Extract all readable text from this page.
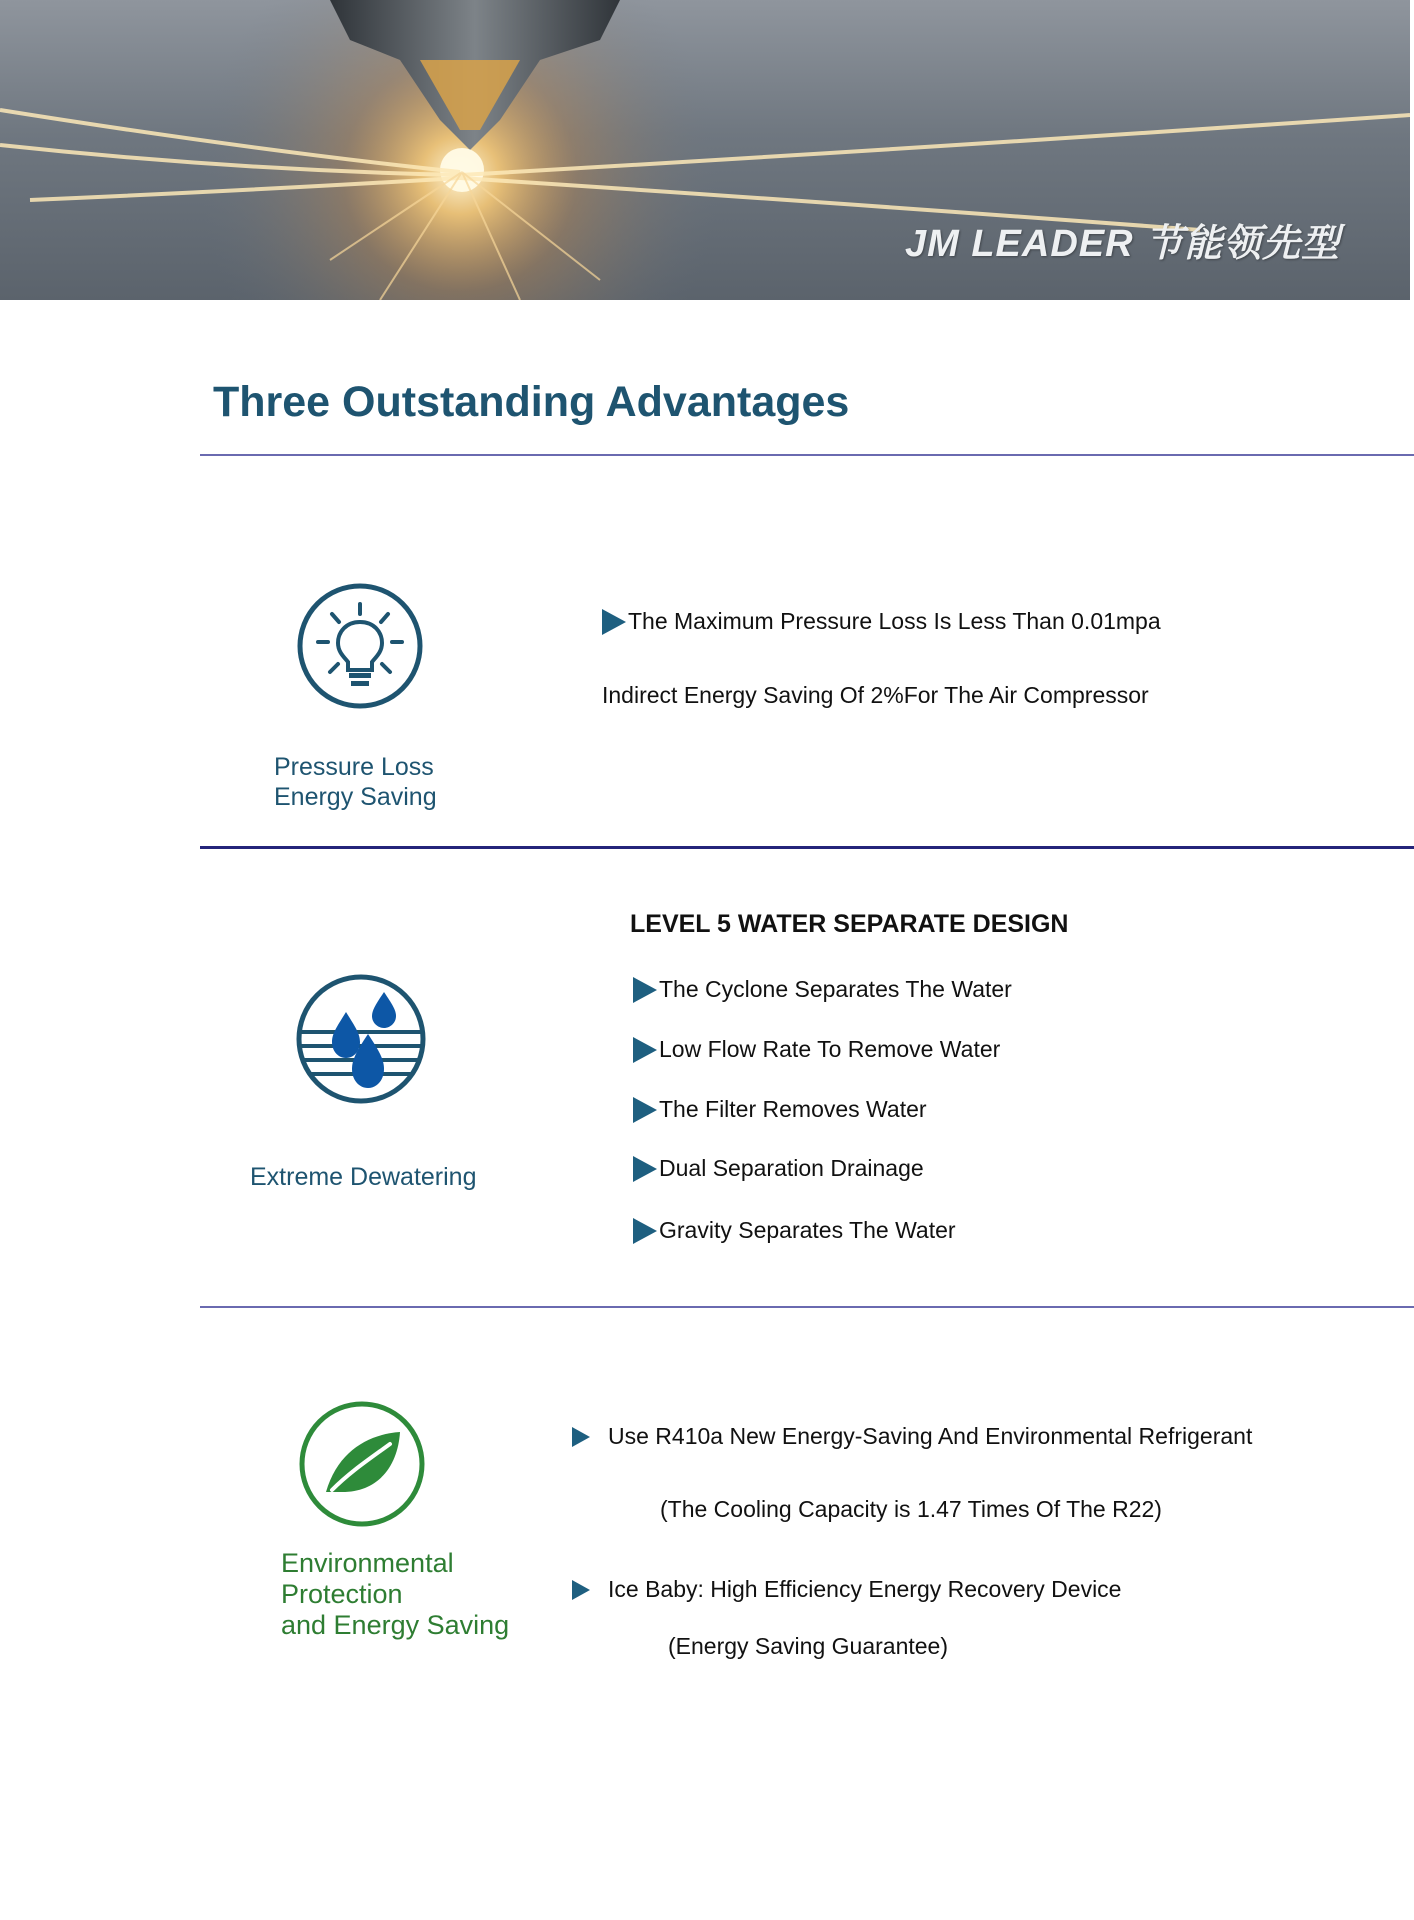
JM LEADER 节能领先型
Three Outstanding Advantages
Pressure Loss
Energy Saving
The Maximum Pressure Loss Is Less Than 0.01mpa
Indirect Energy Saving Of 2%For The Air Compressor
LEVEL 5 WATER SEPARATE DESIGN
Extreme Dewatering
The Cyclone Separates The Water
Low Flow Rate To Remove Water
The Filter Removes Water
Dual Separation Drainage
Gravity Separates The Water
Environmental
Protection
and Energy Saving
Use R410a New Energy-Saving And Environmental Refrigerant
(The Cooling Capacity is 1.47 Times Of The R22)
Ice Baby: High Efficiency Energy Recovery Device
(Energy Saving Guarantee)
